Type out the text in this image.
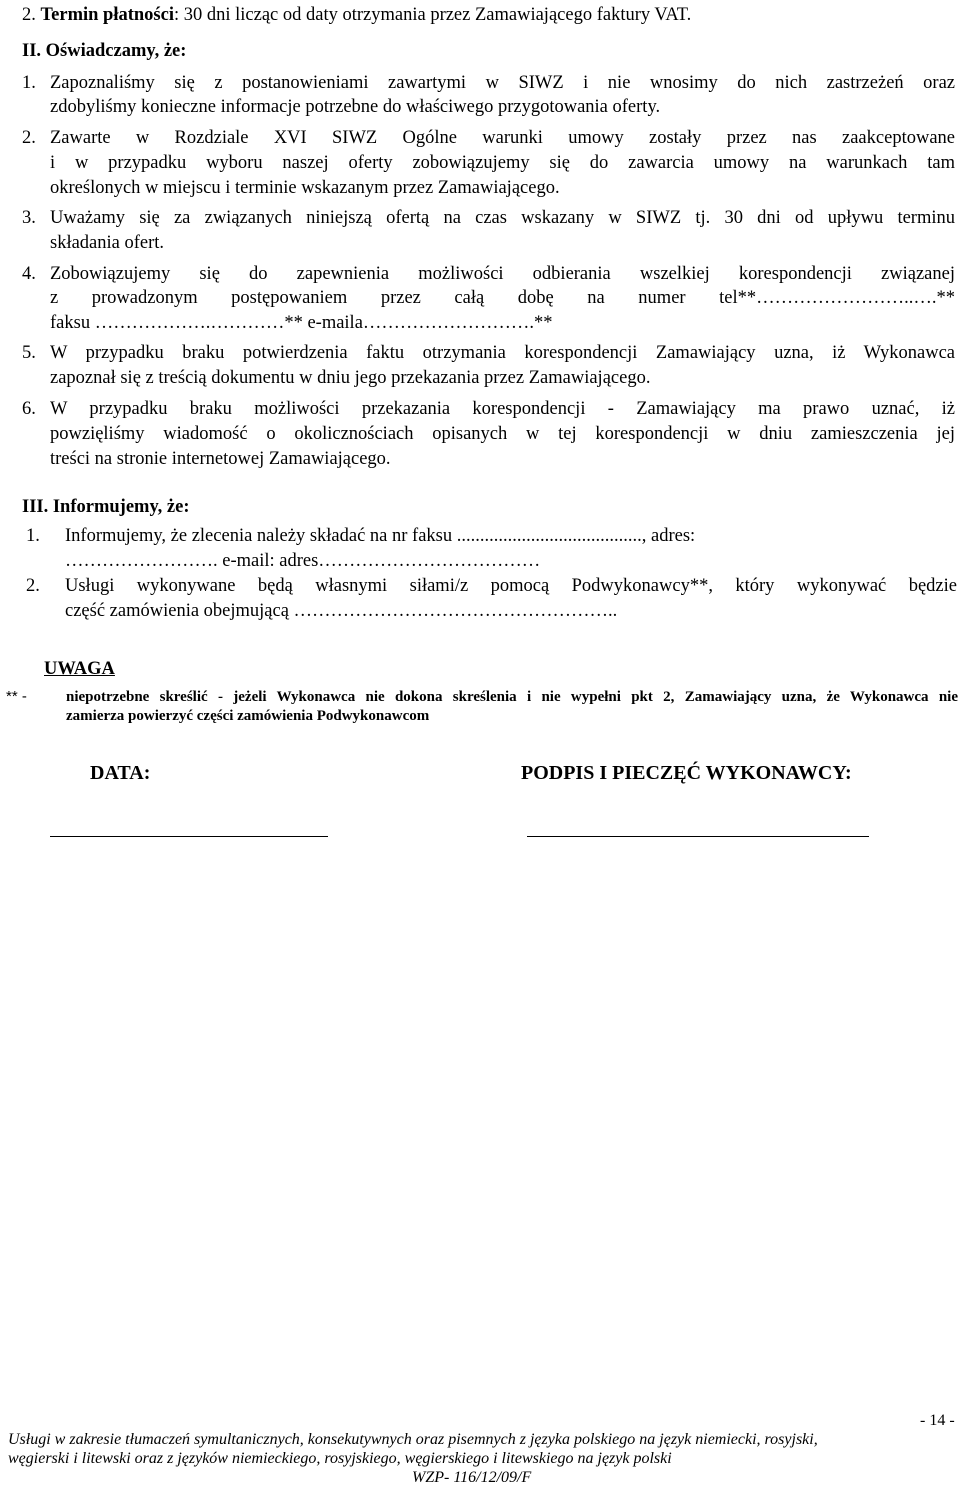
2. Termin płatności: 30 dni licząc od daty otrzymania przez Zamawiającego faktury VAT.
II. Oświadczamy, że:
1. Zapoznaliśmy się z postanowieniami zawartymi w SIWZ i nie wnosimy do nich zastrzeżeń oraz
zdobyliśmy konieczne informacje potrzebne do właściwego przygotowania oferty.
2. Zawarte w Rozdziale XVI SIWZ Ogólne warunki umowy zostały przez nas zaakceptowane
i w przypadku wyboru naszej oferty zobowiązujemy się do zawarcia umowy na warunkach tam
określonych w miejscu i terminie wskazanym przez Zamawiającego.
3. Uważamy się za związanych niniejszą ofertą na czas wskazany w SIWZ tj. 30 dni od upływu terminu
składania ofert.
4. Zobowiązujemy się do zapewnienia możliwości odbierania wszelkiej korespondencji związanej
z prowadzonym postępowaniem przez całą dobę na numer tel**……………………..….**
faksu ……………….…………** e-maila……………………….**
5. W przypadku braku potwierdzenia faktu otrzymania korespondencji Zamawiający uzna, iż Wykonawca
zapoznał się z treścią dokumentu w dniu jego przekazania przez Zamawiającego.
6. W przypadku braku możliwości przekazania korespondencji - Zamawiający ma prawo uznać, iż
powzięliśmy wiadomość o okolicznościach opisanych w tej korespondencji w dniu zamieszczenia jej
treści na stronie internetowej Zamawiającego.
III. Informujemy, że:
1. Informujemy, że zlecenia należy składać na nr faksu ........................................, adres:
……………………. e-mail: adres………………………………
2. Usługi wykonywane będą własnymi siłami/z pomocą Podwykonawcy**, który wykonywać będzie
część zamówienia obejmującą ……………………………………………..
UWAGA
** -	niepotrzebne skreślić - jeżeli Wykonawca nie dokona skreślenia i nie wypełni pkt 2, Zamawiający uzna, że Wykonawca nie
zamierza powierzyć części zamówienia Podwykonawcom
DATA:	PODPIS I PIECZĘĆ WYKONAWCY:
- 14 -
Usługi w zakresie tłumaczeń symultanicznych, konsekutywnych oraz pisemnych z języka polskiego na język niemiecki, rosyjski,
węgierski i litewski oraz z języków niemieckiego, rosyjskiego, węgierskiego i litewskiego na język polski
WZP- 116/12/09/F
